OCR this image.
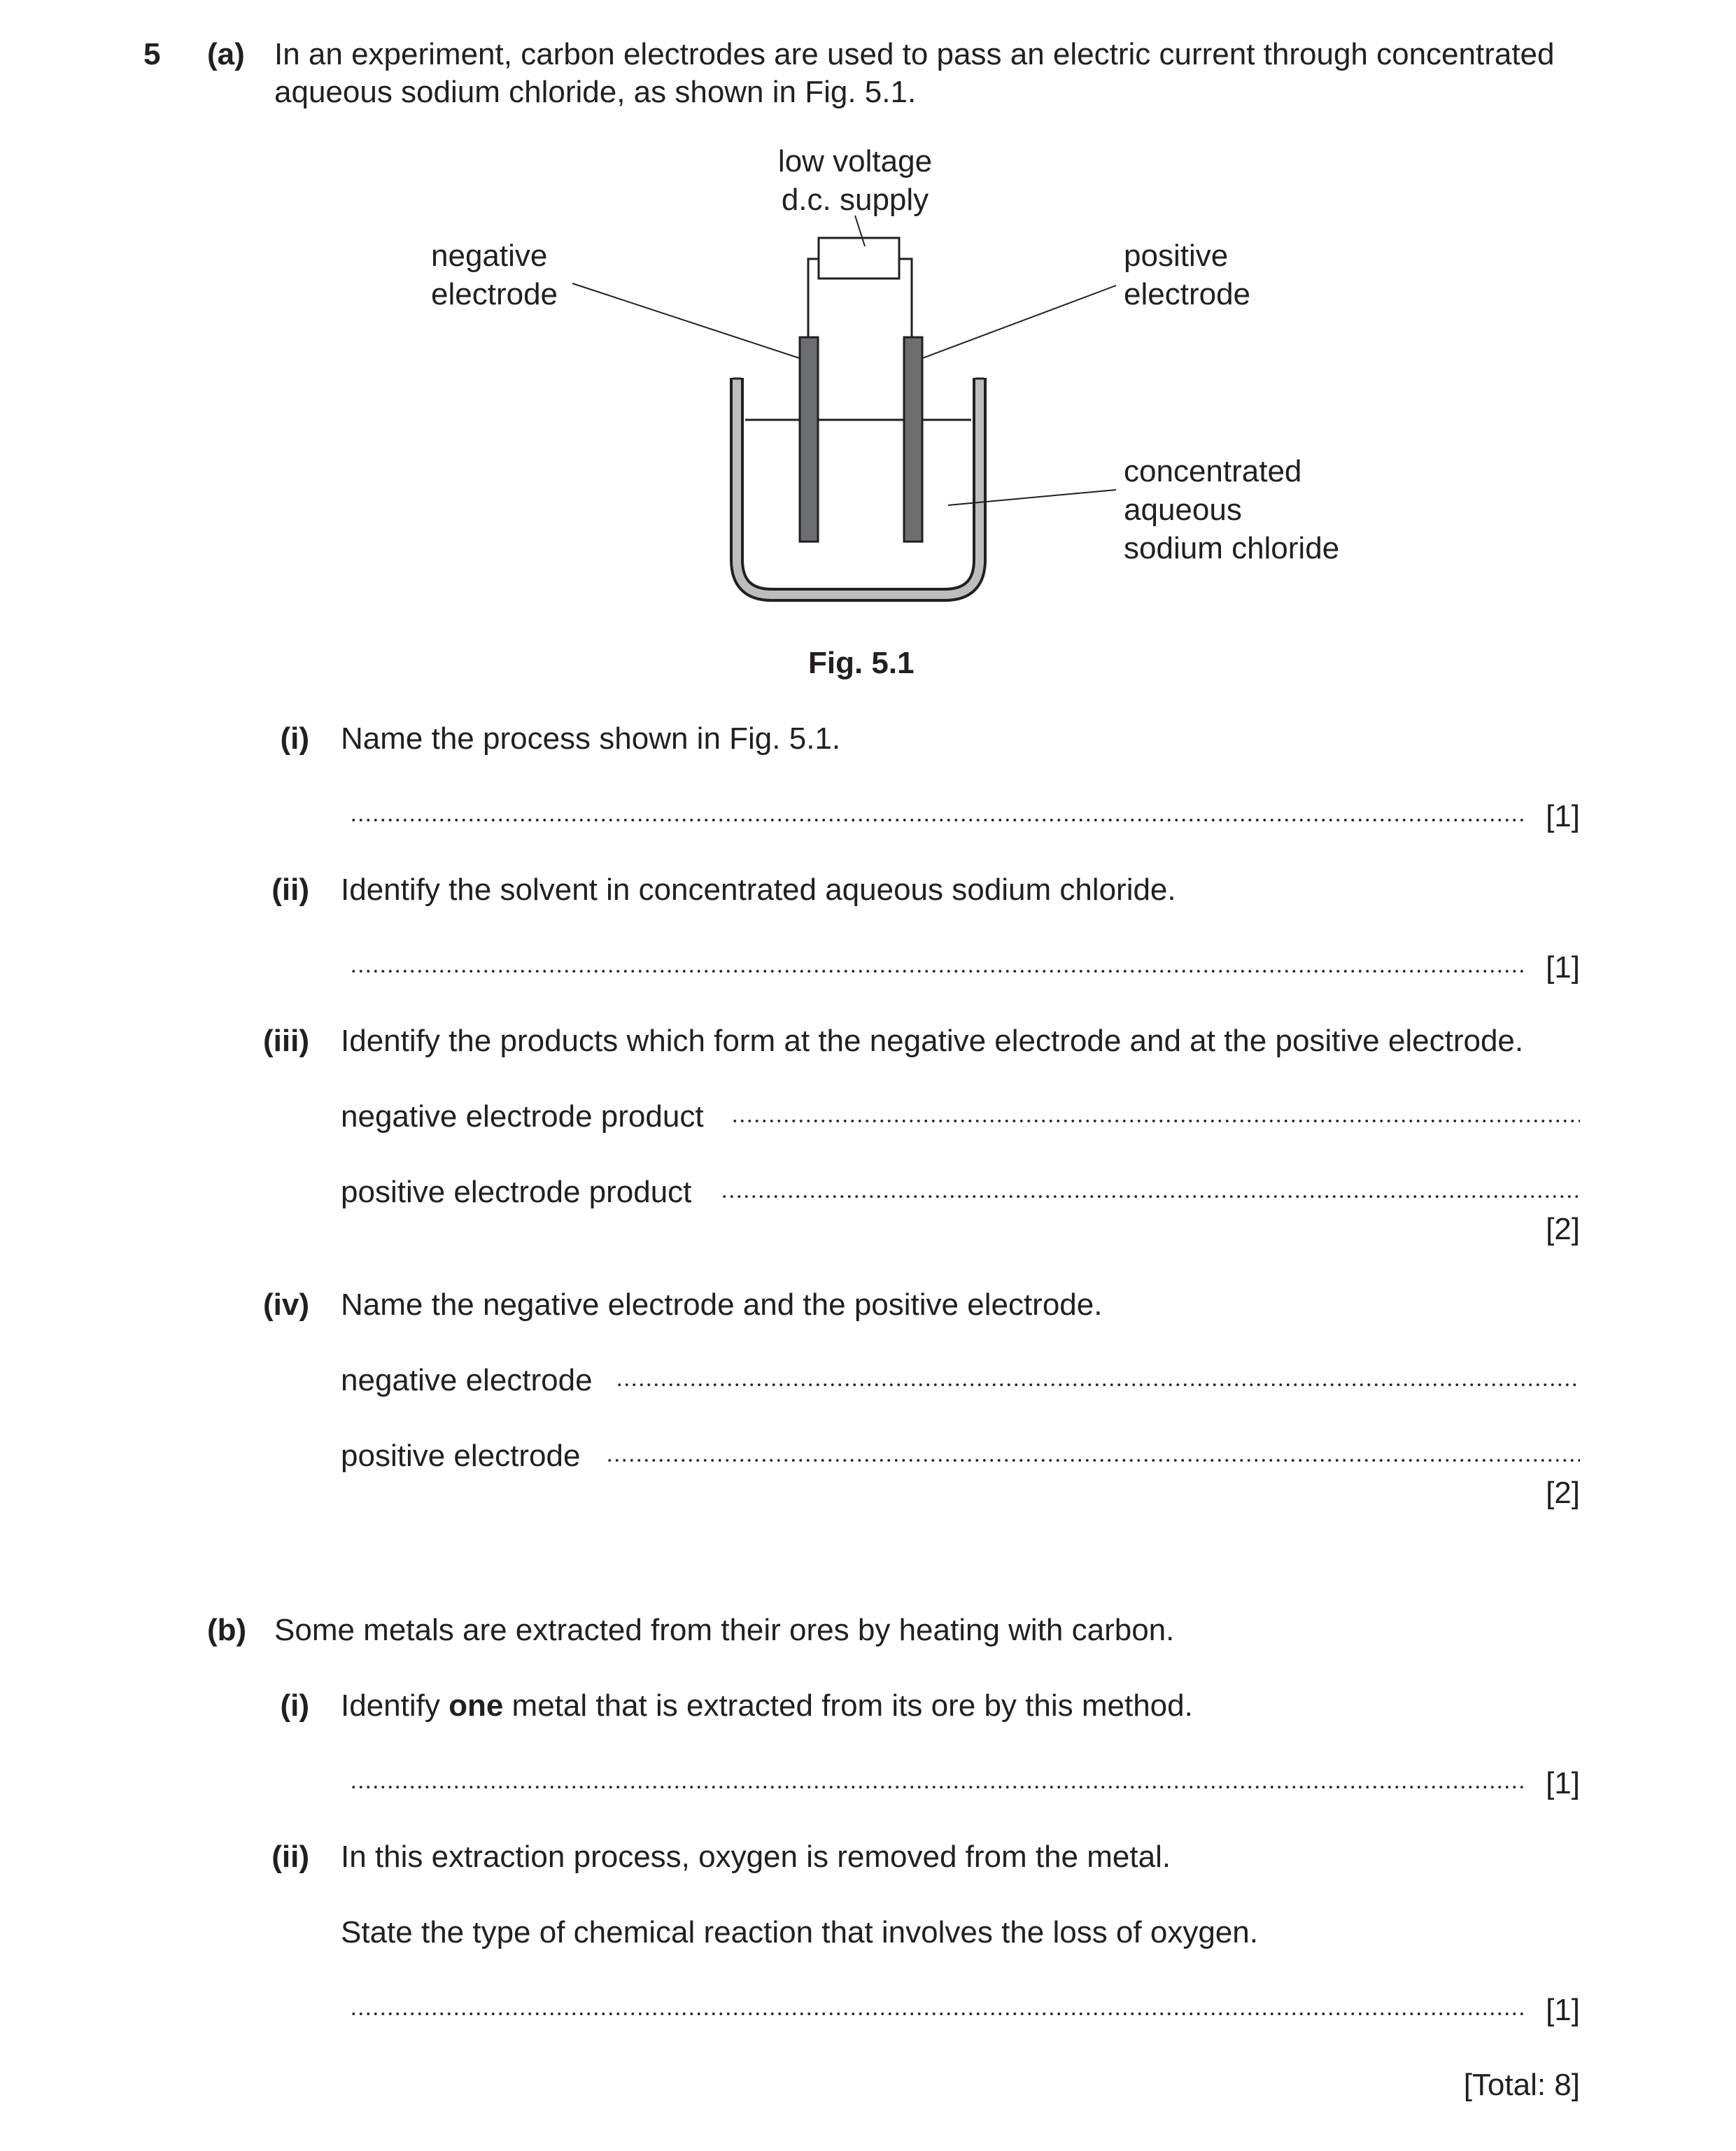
5 (a) In an experiment, carbon electrodes are used to pass an electric current through concentrated
aqueous sodium chloride, as shown in Fig. 5.1.
low voltage
d.c. supply
negative
electrode
positive
electrode
concentrated
aqueous
sodium chloride
Fig. 5.1
(i) Name the process shown in Fig. 5.1.
[1]
(ii) Identify the solvent in concentrated aqueous sodium chloride.
[1]
(iii) Identify the products which form at the negative electrode and at the positive electrode.
negative electrode product
positive electrode product
[2]
(iv) Name the negative electrode and the positive electrode.
negative electrode
positive electrode
[2]
(b) Some metals are extracted from their ores by heating with carbon.
(i) Identify one metal that is extracted from its ore by this method.
[1]
(ii) In this extraction process, oxygen is removed from the metal.
State the type of chemical reaction that involves the loss of oxygen.
[1]
[Total: 8]
